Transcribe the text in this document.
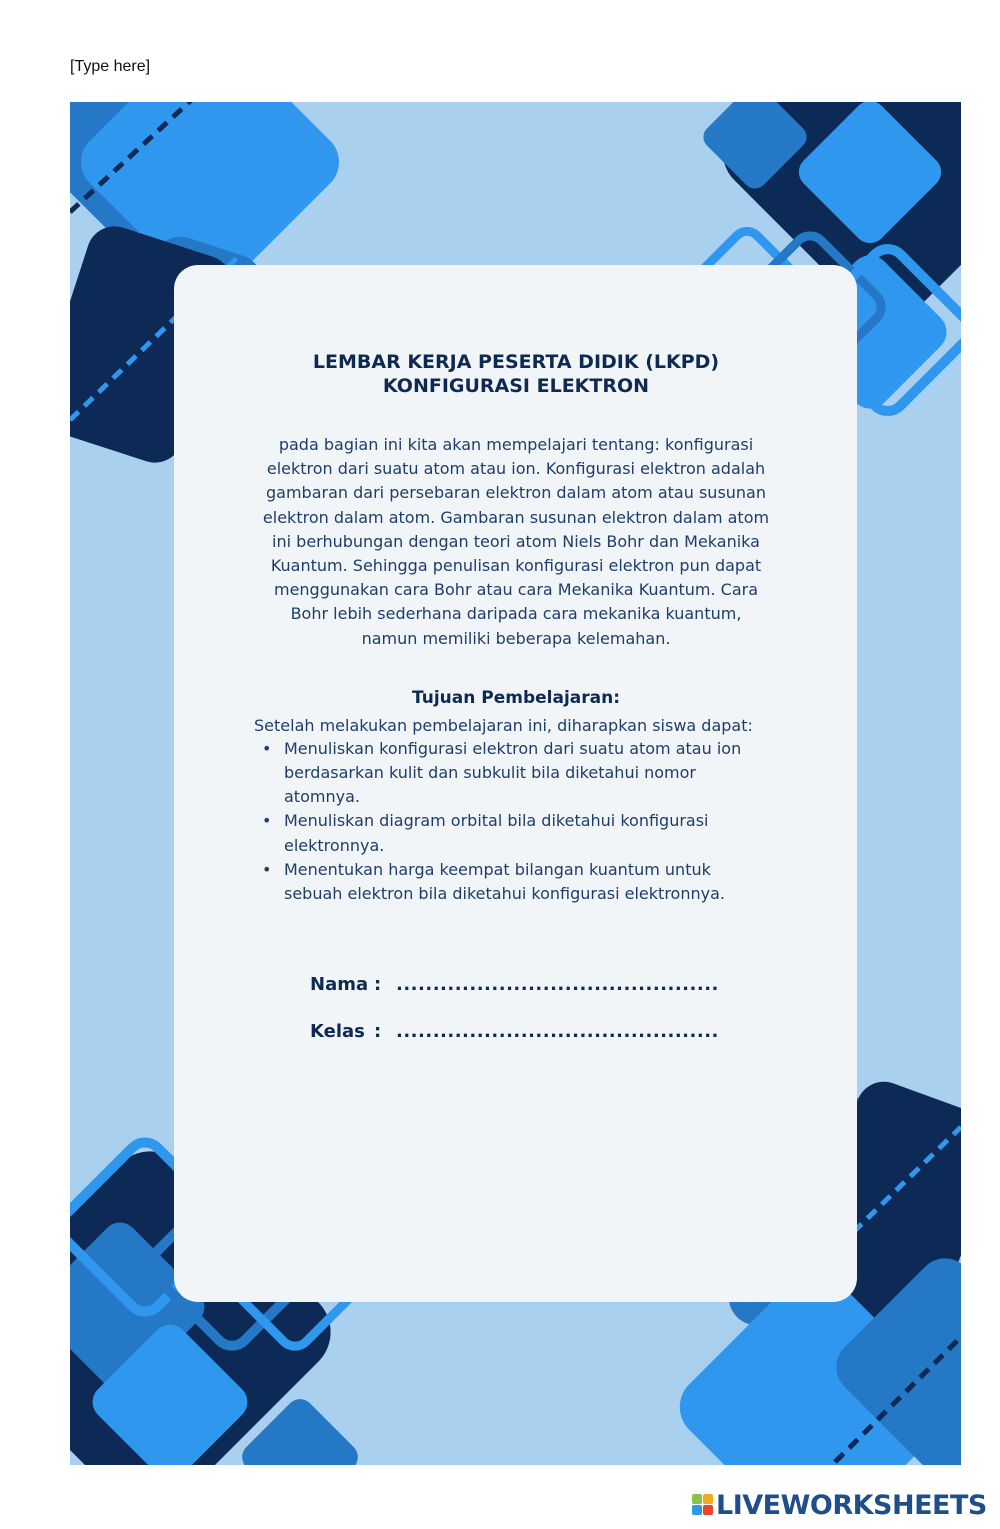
[Type here]
LEMBAR KERJA PESERTA DIDIK (LKPD)
KONFIGURASI ELEKTRON
pada bagian ini kita akan mempelajari tentang: konfigurasi elektron dari suatu atom atau ion. Konfigurasi elektron adalah gambaran dari persebaran elektron dalam atom atau susunan elektron dalam atom. Gambaran susunan elektron dalam atom ini berhubungan dengan teori atom Niels Bohr dan Mekanika Kuantum. Sehingga penulisan konfigurasi elektron pun dapat menggunakan cara Bohr atau cara Mekanika Kuantum. Cara Bohr lebih sederhana daripada cara mekanika kuantum, namun memiliki beberapa kelemahan.
Tujuan Pembelajaran:
Setelah melakukan pembelajaran ini, diharapkan siswa dapat:
• Menuliskan konfigurasi elektron dari suatu atom atau ion berdasarkan kulit dan subkulit bila diketahui nomor atomnya.
• Menuliskan diagram orbital bila diketahui konfigurasi elektronnya.
• Menentukan harga keempat bilangan kuantum untuk sebuah elektron bila diketahui konfigurasi elektronnya.
Nama : ............................................
Kelas : ............................................
LIVEWORKSHEETS
